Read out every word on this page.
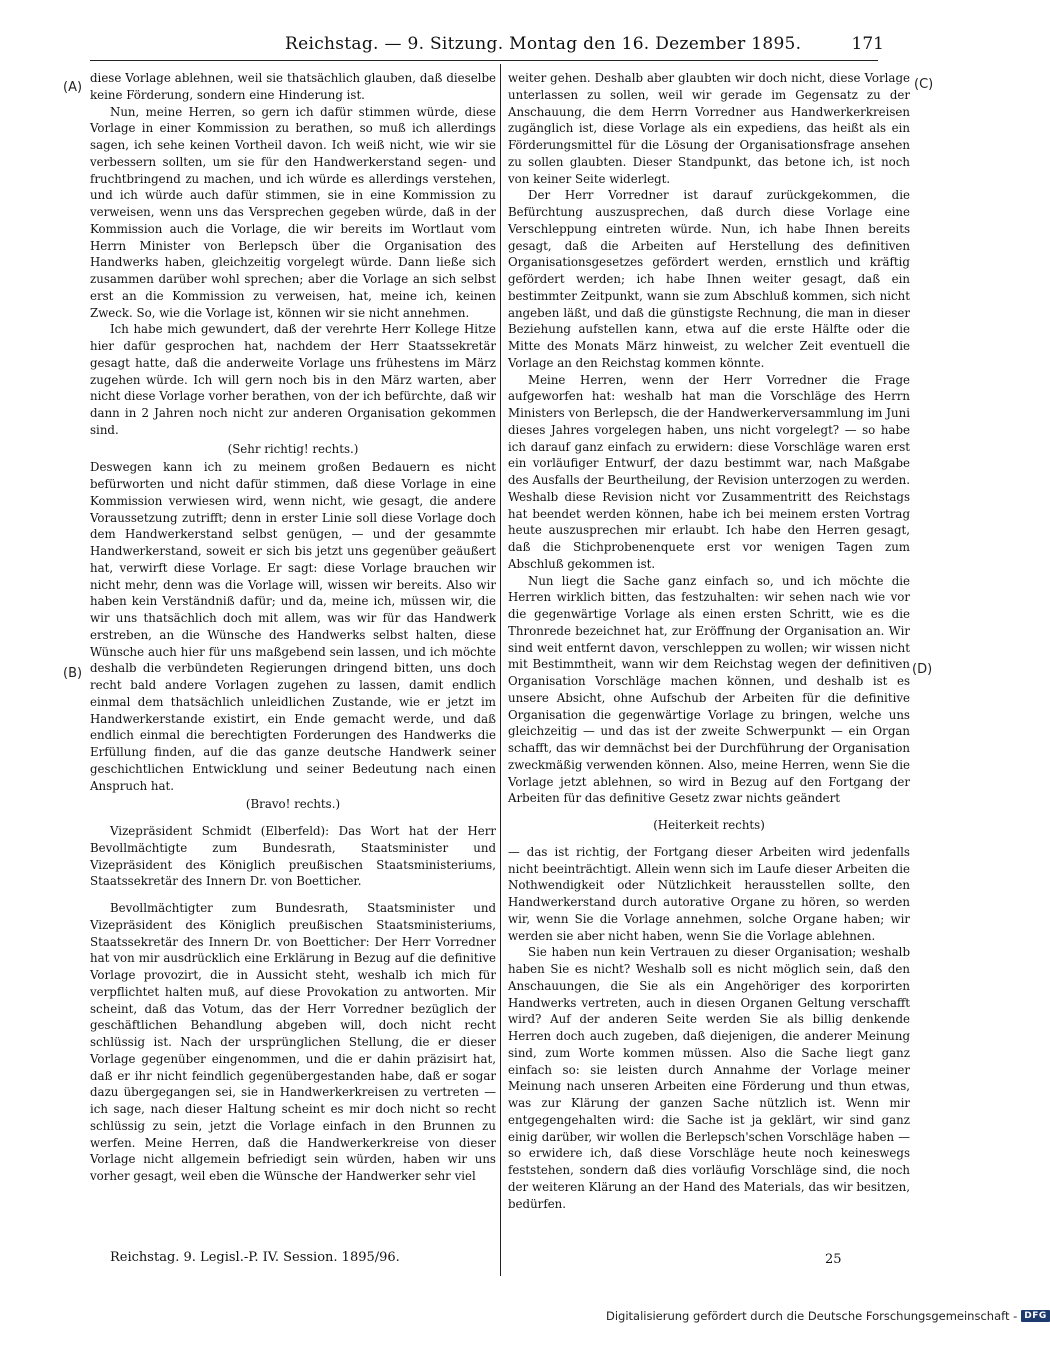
Reichstag. — 9. Sitzung. Montag den 16. Dezember 1895.	171
(A)
(B)
(C)
(D)

diese Vorlage ablehnen, weil sie thatsächlich glauben, daß dieselbe keine Förderung, sondern eine Hinderung ist.

Nun, meine Herren, so gern ich dafür stimmen würde, diese Vorlage in einer Kommission zu berathen, so muß ich allerdings sagen, ich sehe keinen Vortheil davon. Ich weiß nicht, wie wir sie verbessern sollten, um sie für den Handwerkerstand segen- und fruchtbringend zu machen, und ich würde es allerdings verstehen, und ich würde auch dafür stimmen, sie in eine Kommission zu verweisen, wenn uns das Versprechen gegeben würde, daß in der Kommission auch die Vorlage, die wir bereits im Wortlaut vom Herrn Minister von Berlepsch über die Organisation des Handwerks haben, gleichzeitig vorgelegt würde. Dann ließe sich zusammen darüber wohl sprechen; aber die Vorlage an sich selbst erst an die Kommission zu verweisen, hat, meine ich, keinen Zweck. So, wie die Vorlage ist, können wir sie nicht annehmen.

Ich habe mich gewundert, daß der verehrte Herr Kollege Hitze hier dafür gesprochen hat, nachdem der Herr Staatssekretär gesagt hatte, daß die anderweite Vorlage uns frühestens im März zugehen würde. Ich will gern noch bis in den März warten, aber nicht diese Vorlage vorher berathen, von der ich befürchte, daß wir dann in 2 Jahren noch nicht zur anderen Organisation gekommen sind.

(Sehr richtig! rechts.)

Deswegen kann ich zu meinem großen Bedauern es nicht befürworten und nicht dafür stimmen, daß diese Vorlage in eine Kommission verwiesen wird, wenn nicht, wie gesagt, die andere Voraussetzung zutrifft; denn in erster Linie soll diese Vorlage doch dem Handwerkerstand selbst genügen, — und der gesammte Handwerkerstand, soweit er sich bis jetzt uns gegenüber geäußert hat, verwirft diese Vorlage. Er sagt: diese Vorlage brauchen wir nicht mehr, denn was die Vorlage will, wissen wir bereits. Also wir haben kein Verständniß dafür; und da, meine ich, müssen wir, die wir uns thatsächlich doch mit allem, was wir für das Handwerk erstreben, an die Wünsche des Handwerks selbst halten, diese Wünsche auch hier für uns maßgebend sein lassen, und ich möchte deshalb die verbündeten Regierungen dringend bitten, uns doch recht bald andere Vorlagen zugehen zu lassen, damit endlich einmal dem thatsächlich unleidlichen Zustande, wie er jetzt im Handwerkerstande existirt, ein Ende gemacht werde, und daß endlich einmal die berechtigten Forderungen des Handwerks die Erfüllung finden, auf die das ganze deutsche Handwerk seiner geschichtlichen Entwicklung und seiner Bedeutung nach einen Anspruch hat.

(Bravo! rechts.)

Vizepräsident Schmidt (Elberfeld): Das Wort hat der Herr Bevollmächtigte zum Bundesrath, Staatsminister und Vizepräsident des Königlich preußischen Staatsministeriums, Staatssekretär des Innern Dr. von Boetticher.

Bevollmächtigter zum Bundesrath, Staatsminister und Vizepräsident des Königlich preußischen Staatsministeriums, Staatssekretär des Innern Dr. von Boetticher: Der Herr Vorredner hat von mir ausdrücklich eine Erklärung in Bezug auf die definitive Vorlage provozirt, die in Aussicht steht, weshalb ich mich für verpflichtet halten muß, auf diese Provokation zu antworten. Mir scheint, daß das Votum, das der Herr Vorredner bezüglich der geschäftlichen Behandlung abgeben will, doch nicht recht schlüssig ist. Nach der ursprünglichen Stellung, die er dieser Vorlage gegenüber eingenommen, und die er dahin präzisirt hat, daß er ihr nicht feindlich gegenübergestanden habe, daß er sogar dazu übergegangen sei, sie in Handwerkerkreisen zu vertreten — ich sage, nach dieser Haltung scheint es mir doch nicht so recht schlüssig zu sein, jetzt die Vorlage einfach in den Brunnen zu werfen. Meine Herren, daß die Handwerkerkreise von dieser Vorlage nicht allgemein befriedigt sein würden, haben wir uns vorher gesagt, weil eben die Wünsche der Handwerker sehr viel

weiter gehen. Deshalb aber glaubten wir doch nicht, diese Vorlage unterlassen zu sollen, weil wir gerade im Gegensatz zu der Anschauung, die dem Herrn Vorredner aus Handwerkerkreisen zugänglich ist, diese Vorlage als ein expediens, das heißt als ein Förderungsmittel für die Lösung der Organisationsfrage ansehen zu sollen glaubten. Dieser Standpunkt, das betone ich, ist noch von keiner Seite widerlegt.

Der Herr Vorredner ist darauf zurückgekommen, die Befürchtung auszusprechen, daß durch diese Vorlage eine Verschleppung eintreten würde. Nun, ich habe Ihnen bereits gesagt, daß die Arbeiten auf Herstellung des definitiven Organisationsgesetzes gefördert werden, ernstlich und kräftig gefördert werden; ich habe Ihnen weiter gesagt, daß ein bestimmter Zeitpunkt, wann sie zum Abschluß kommen, sich nicht angeben läßt, und daß die günstigste Rechnung, die man in dieser Beziehung aufstellen kann, etwa auf die erste Hälfte oder die Mitte des Monats März hinweist, zu welcher Zeit eventuell die Vorlage an den Reichstag kommen könnte.

Meine Herren, wenn der Herr Vorredner die Frage aufgeworfen hat: weshalb hat man die Vorschläge des Herrn Ministers von Berlepsch, die der Handwerkerversammlung im Juni dieses Jahres vorgelegen haben, uns nicht vorgelegt? — so habe ich darauf ganz einfach zu erwidern: diese Vorschläge waren erst ein vorläufiger Entwurf, der dazu bestimmt war, nach Maßgabe des Ausfalls der Beurtheilung, der Revision unterzogen zu werden. Weshalb diese Revision nicht vor Zusammentritt des Reichstags hat beendet werden können, habe ich bei meinem ersten Vortrag heute auszusprechen mir erlaubt. Ich habe den Herren gesagt, daß die Stichprobenenquete erst vor wenigen Tagen zum Abschluß gekommen ist.

Nun liegt die Sache ganz einfach so, und ich möchte die Herren wirklich bitten, das festzuhalten: wir sehen nach wie vor die gegenwärtige Vorlage als einen ersten Schritt, wie es die Thronrede bezeichnet hat, zur Eröffnung der Organisation an. Wir sind weit entfernt davon, verschleppen zu wollen; wir wissen nicht mit Bestimmtheit, wann wir dem Reichstag wegen der definitiven Organisation Vorschläge machen können, und deshalb ist es unsere Absicht, ohne Aufschub der Arbeiten für die definitive Organisation die gegenwärtige Vorlage zu bringen, welche uns gleichzeitig — und das ist der zweite Schwerpunkt — ein Organ schafft, das wir demnächst bei der Durchführung der Organisation zweckmäßig verwenden können. Also, meine Herren, wenn Sie die Vorlage jetzt ablehnen, so wird in Bezug auf den Fortgang der Arbeiten für das definitive Gesetz zwar nichts geändert

(Heiterkeit rechts)

— das ist richtig, der Fortgang dieser Arbeiten wird jedenfalls nicht beeinträchtigt. Allein wenn sich im Laufe dieser Arbeiten die Nothwendigkeit oder Nützlichkeit herausstellen sollte, den Handwerkerstand durch autorative Organe zu hören, so werden wir, wenn Sie die Vorlage annehmen, solche Organe haben; wir werden sie aber nicht haben, wenn Sie die Vorlage ablehnen.

Sie haben nun kein Vertrauen zu dieser Organisation; weshalb haben Sie es nicht? Weshalb soll es nicht möglich sein, daß den Anschauungen, die Sie als ein Angehöriger des korporirten Handwerks vertreten, auch in diesen Organen Geltung verschafft wird? Auf der anderen Seite werden Sie als billig denkende Herren doch auch zugeben, daß diejenigen, die anderer Meinung sind, zum Worte kommen müssen. Also die Sache liegt ganz einfach so: sie leisten durch Annahme der Vorlage meiner Meinung nach unseren Arbeiten eine Förderung und thun etwas, was zur Klärung der ganzen Sache nützlich ist. Wenn mir entgegengehalten wird: die Sache ist ja geklärt, wir sind ganz einig darüber, wir wollen die Berlepsch'schen Vorschläge haben — so erwidere ich, daß diese Vorschläge heute noch keineswegs feststehen, sondern daß dies vorläufig Vorschläge sind, die noch der weiteren Klärung an der Hand des Materials, das wir besitzen, bedürfen.

Reichstag. 9. Legisl.-P. IV. Session. 1895/96.	25
Digitalisierung gefördert durch die Deutsche Forschungsgemeinschaft - DFG
